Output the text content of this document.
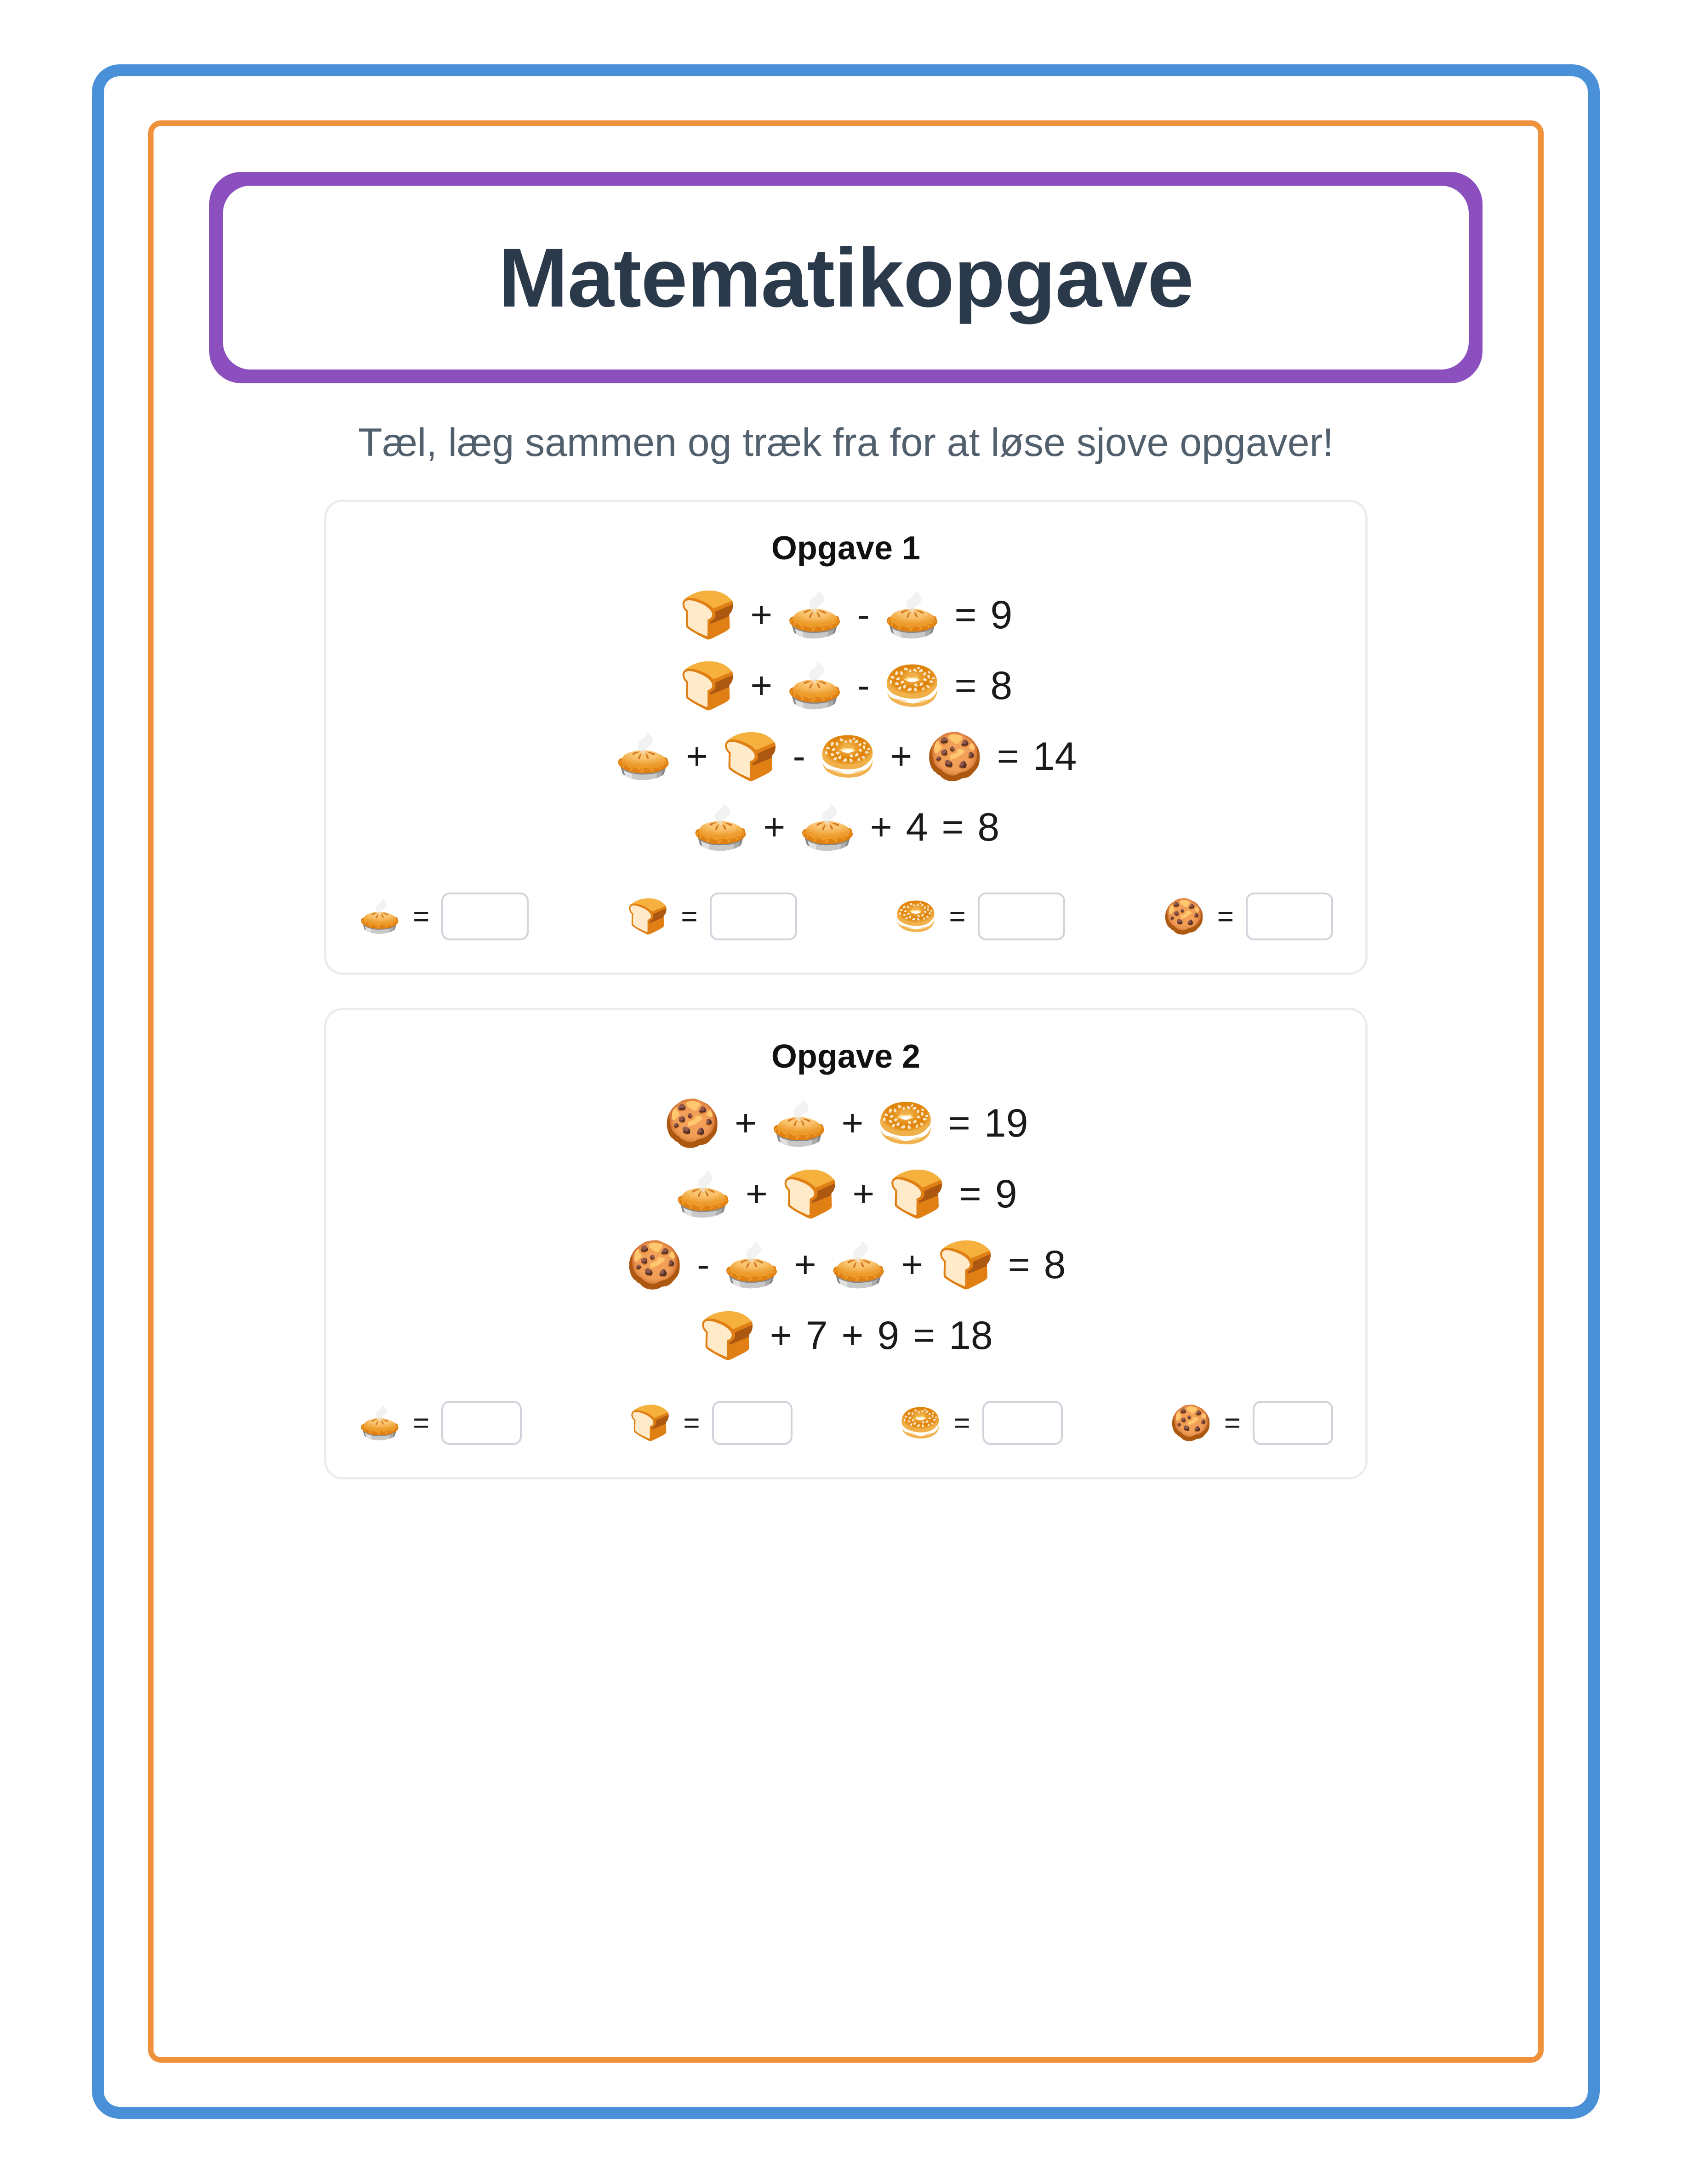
Matematikopgave
Tæl, læg sammen og træk fra for at løse sjove opgaver!
Opgave 1
🍞 + 🥧 - 🥧 = 9
🍞 + 🥧 - 🥯 = 8
🥧 + 🍞 - 🥯 + 🍪 = 14
🥧 + 🥧 + 4 = 8
🥧 =	🍞 =	🥯 =	🍪 =
Opgave 2
🍪 + 🥧 + 🥯 = 19
🥧 + 🍞 + 🍞 = 9
🍪 - 🥧 + 🥧 + 🍞 = 8
🍞 + 7 + 9 = 18
🥧 =	🍞 =	🥯 =	🍪 =
